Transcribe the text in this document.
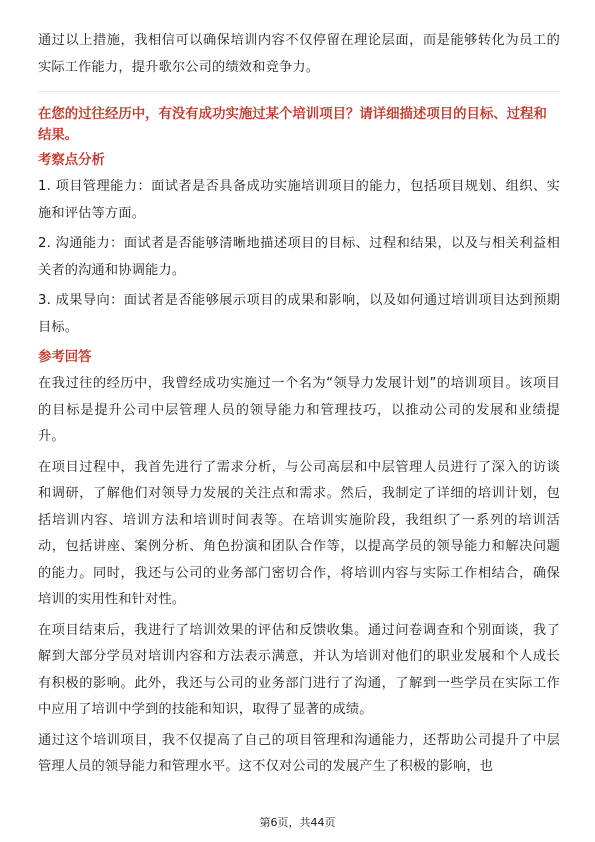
通过以上措施，我相信可以确保培训内容不仅停留在理论层面，而是能够转化为员工的实际工作能力，提升歌尔公司的绩效和竞争力。

在您的过往经历中，有没有成功实施过某个培训项目？请详细描述项目的目标、过程和结果。
考察点分析

1. 项目管理能力：面试者是否具备成功实施培训项目的能力，包括项目规划、组织、实施和评估等方面。

2. 沟通能力：面试者是否能够清晰地描述项目的目标、过程和结果，以及与相关利益相关者的沟通和协调能力。

3. 成果导向：面试者是否能够展示项目的成果和影响，以及如何通过培训项目达到预期目标。

参考回答

在我过往的经历中，我曾经成功实施过一个名为“领导力发展计划”的培训项目。该项目的目标是提升公司中层管理人员的领导能力和管理技巧，以推动公司的发展和业绩提升。

在项目过程中，我首先进行了需求分析，与公司高层和中层管理人员进行了深入的访谈和调研，了解他们对领导力发展的关注点和需求。然后，我制定了详细的培训计划，包括培训内容、培训方法和培训时间表等。在培训实施阶段，我组织了一系列的培训活动，包括讲座、案例分析、角色扮演和团队合作等，以提高学员的领导能力和解决问题的能力。同时，我还与公司的业务部门密切合作，将培训内容与实际工作相结合，确保培训的实用性和针对性。

在项目结束后，我进行了培训效果的评估和反馈收集。通过问卷调查和个别面谈，我了解到大部分学员对培训内容和方法表示满意，并认为培训对他们的职业发展和个人成长有积极的影响。此外，我还与公司的业务部门进行了沟通，了解到一些学员在实际工作中应用了培训中学到的技能和知识，取得了显著的成绩。

通过这个培训项目，我不仅提高了自己的项目管理和沟通能力，还帮助公司提升了中层管理人员的领导能力和管理水平。这不仅对公司的发展产生了积极的影响，也

第6页，共44页
